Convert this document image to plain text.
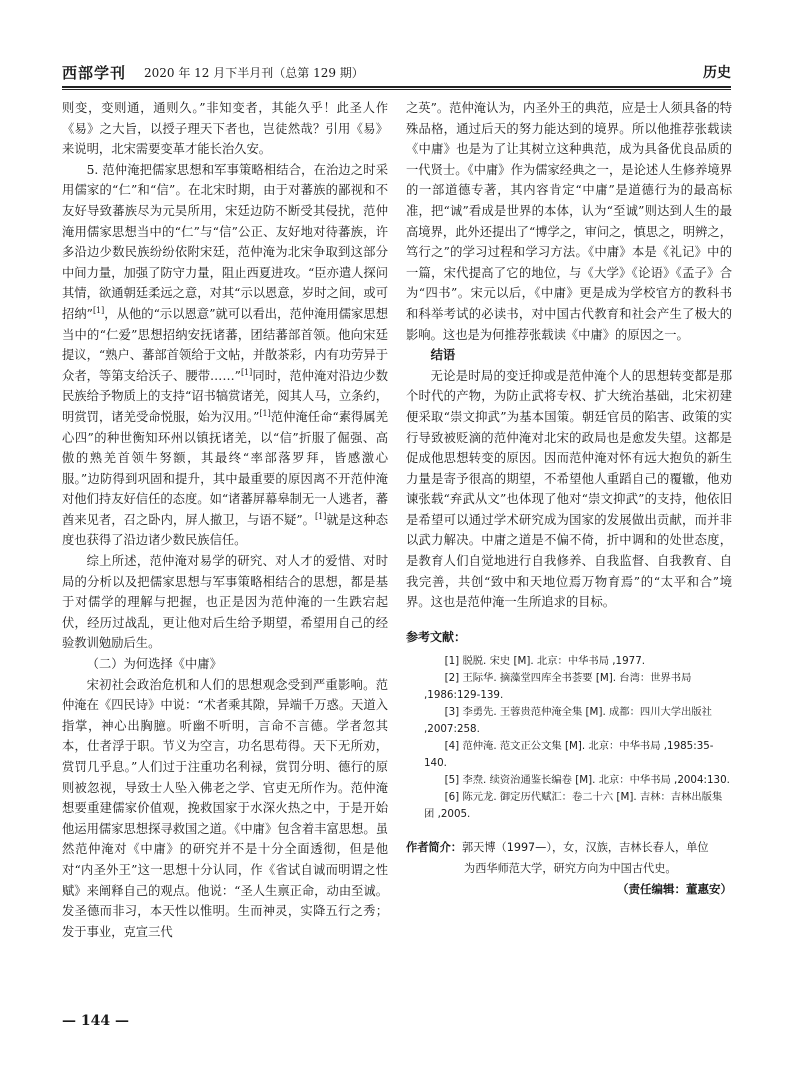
西部学刊 2020 年 12 月下半月刊（总第 129 期）	历史

则变，变则通，通则久。”非知变者，其能久乎！此圣人作《易》之大旨，以授子理天下者也，岂徒然哉？引用《易》来说明，北宋需要变革才能长治久安。

5. 范仲淹把儒家思想和军事策略相结合，在治边之时采用儒家的“仁”和“信”。在北宋时期，由于对蕃族的鄙视和不友好导致蕃族尽为元昊所用，宋廷边防不断受其侵扰，范仲淹用儒家思想当中的“仁”与“信”公正、友好地对待蕃族，许多沿边少数民族纷纷依附宋廷，范仲淹为北宋争取到这部分中间力量，加强了防守力量，阻止西夏进攻。“臣亦遣人探问其情，欲通朝廷柔远之意，对其“示以恩意，岁时之间，或可招纳”[1]，从他的“示以恩意”就可以看出，范仲淹用儒家思想当中的“仁爱”思想招纳安抚诸蕃，团结蕃部首领。他向宋廷提议，“熟户、蕃部首领给于文帖，并散茶彩，内有功劳异于众者，等第支给沃子、腰带……”[1]同时，范仲淹对沿边少数民族给予物质上的支持“诏书犒赏诸羌，阅其人马，立条约，明赏罚，诸羌受命悦服，始为汉用。”[1]范仲淹任命“素得属羌心四”的种世衡知环州以镇抚诸羌，以“信”折服了倔强、高傲的熟羌首领牛努额，其最终“率部落罗拜，皆感激心服。”边防得到巩固和提升，其中最重要的原因离不开范仲淹对他们持友好信任的态度。如“诸蕃屏幕皋制无一人逃者，蕃酋来见者，召之卧内，屏人撤卫，与语不疑”。[1]就是这种态度也获得了沿边诸少数民族信任。

综上所述，范仲淹对易学的研究、对人才的爱惜、对时局的分析以及把儒家思想与军事策略相结合的思想，都是基于对儒学的理解与把握，也正是因为范仲淹的一生跌宕起伏，经历过战乱，更让他对后生给予期望，希望用自己的经验教训勉励后生。

（二）为何选择《中庸》

宋初社会政治危机和人们的思想观念受到严重影响。范仲淹在《四民诗》中说：“术者乘其隙，异端千万惑。天道入指掌，神心出胸臆。听幽不听明，言命不言德。学者忽其本，仕者浮于职。节义为空言，功名思苟得。天下无所劝，赏罚几乎息。”人们过于注重功名利禄，赏罚分明、德行的原则被忽视，导致士人坠入佛老之学、官吏无所作为。范仲淹想要重建儒家价值观，挽救国家于水深火热之中，于是开始他运用儒家思想探寻救国之道。《中庸》包含着丰富思想。虽然范仲淹对《中庸》的研究并不是十分全面透彻，但是他对“内圣外王”这一思想十分认同，作《省试自诚而明谓之性赋》来阐释自己的观点。他说：“圣人生禀正命，动由至诚。发圣德而非习，本天性以惟明。生而神灵，实降五行之秀；发于事业，克宣三代

之英”。范仲淹认为，内圣外王的典范，应是士人须具备的特殊品格，通过后天的努力能达到的境界。所以他推荐张载读《中庸》也是为了让其树立这种典范，成为具备优良品质的一代贤士。《中庸》作为儒家经典之一，是论述人生修养境界的一部道德专著，其内容肯定“中庸”是道德行为的最高标准，把“诚”看成是世界的本体，认为“至诚”则达到人生的最高境界，此外还提出了“博学之，审问之，慎思之，明辨之，笃行之”的学习过程和学习方法。《中庸》本是《礼记》中的一篇，宋代提高了它的地位，与《大学》《论语》《孟子》合为“四书”。宋元以后，《中庸》更是成为学校官方的教科书和科举考试的必读书，对中国古代教育和社会产生了极大的影响。这也是为何推荐张载读《中庸》的原因之一。

结语

无论是时局的变迁抑或是范仲淹个人的思想转变都是那个时代的产物，为防止武将专权、扩大统治基础，北宋初建便采取“崇文抑武”为基本国策。朝廷官员的陷害、政策的实行导致被贬滴的范仲淹对北宋的政局也是愈发失望。这都是促成他思想转变的原因。因而范仲淹对怀有远大抱负的新生力量是寄予很高的期望，不希望他人重蹈自己的覆辙，他劝谏张载“弃武从文”也体现了他对“崇文抑武”的支持，他依旧是希望可以通过学术研究成为国家的发展做出贡献，而并非以武力解决。中庸之道是不偏不倚，折中调和的处世态度，是教育人们自觉地进行自我修养、自我监督、自我教育、自我完善，共创“致中和天地位焉万物育焉”的“太平和合”境界。这也是范仲淹一生所追求的目标。

参考文献：

[1] 脱脱. 宋史 [M]. 北京：中华书局 ,1977.

[2] 王际华. 摘藻堂四库全书荟要 [M]. 台湾：世界书局 ,1986:129-139.

[3] 李勇先. 王蓉贵范仲淹全集 [M]. 成都：四川大学出版社 ,2007:258.

[4] 范仲淹. 范文正公文集 [M]. 北京：中华书局 ,1985:35-140.

[5] 李焘. 续资治通鉴长编卷 [M]. 北京：中华书局 ,2004:130.

[6] 陈元龙. 御定历代赋汇：卷二十六 [M]. 吉林：吉林出版集团 ,2005.

作者简介：郭天博（1997—），女，汉族，吉林长春人，单位
为西华师范大学，研究方向为中国古代史。
（责任编辑：董惠安）
— 144 —
